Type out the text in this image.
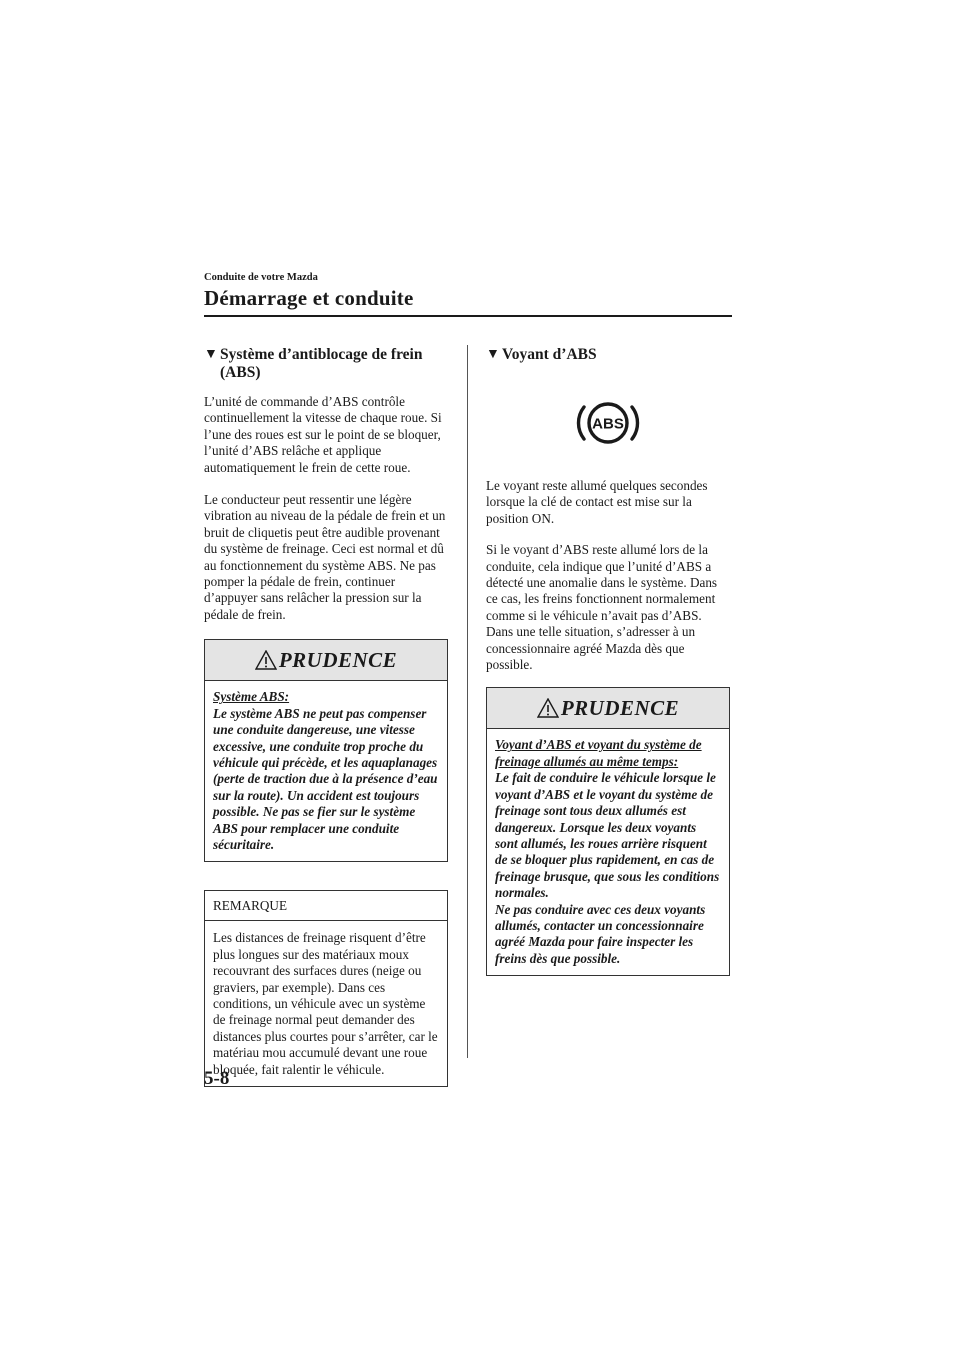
Conduite de votre Mazda
Démarrage et conduite
▼ Système d’antiblocage de frein (ABS)

L’unité de commande d’ABS contrôle continuellement la vitesse de chaque roue. Si l’une des roues est sur le point de se bloquer, l’unité d’ABS relâche et applique automatiquement le frein de cette roue.

Le conducteur peut ressentir une légère vibration au niveau de la pédale de frein et un bruit de cliquetis peut être audible provenant du système de freinage. Ceci est normal et dû au fonctionnement du système ABS. Ne pas pomper la pédale de frein, continuer d’appuyer sans relâcher la pression sur la pédale de frein.

PRUDENCE
Système ABS:
Le système ABS ne peut pas compenser une conduite dangereuse, une vitesse excessive, une conduite trop proche du véhicule qui précède, et les aquaplanages (perte de traction due à la présence d’eau sur la route). Un accident est toujours possible. Ne pas se fier sur le système ABS pour remplacer une conduite sécuritaire.
REMARQUE
Les distances de freinage risquent d’être plus longues sur des matériaux moux recouvrant des surfaces dures (neige ou graviers, par exemple). Dans ces conditions, un véhicule avec un système de freinage normal peut demander des distances plus courtes pour s’arrêter, car le matériau mou accumulé devant une roue bloquée, fait ralentir le véhicule.
▼ Voyant d’ABS
ABS

Le voyant reste allumé quelques secondes lorsque la clé de contact est mise sur la position ON.

Si le voyant d’ABS reste allumé lors de la conduite, cela indique que l’unité d’ABS a détecté une anomalie dans le système. Dans ce cas, les freins fonctionnent normalement comme si le véhicule n’avait pas d’ABS. Dans une telle situation, s’adresser à un concessionnaire agréé Mazda dès que possible.

PRUDENCE
Voyant d’ABS et voyant du système de freinage allumés au même temps:
Le fait de conduire le véhicule lorsque le voyant d’ABS et le voyant du système de freinage sont tous deux allumés est dangereux. Lorsque les deux voyants sont allumés, les roues arrière risquent de se bloquer plus rapidement, en cas de freinage brusque, que sous les conditions normales.
Ne pas conduire avec ces deux voyants allumés, contacter un concessionnaire agréé Mazda pour faire inspecter les freins dès que possible.
5-8
